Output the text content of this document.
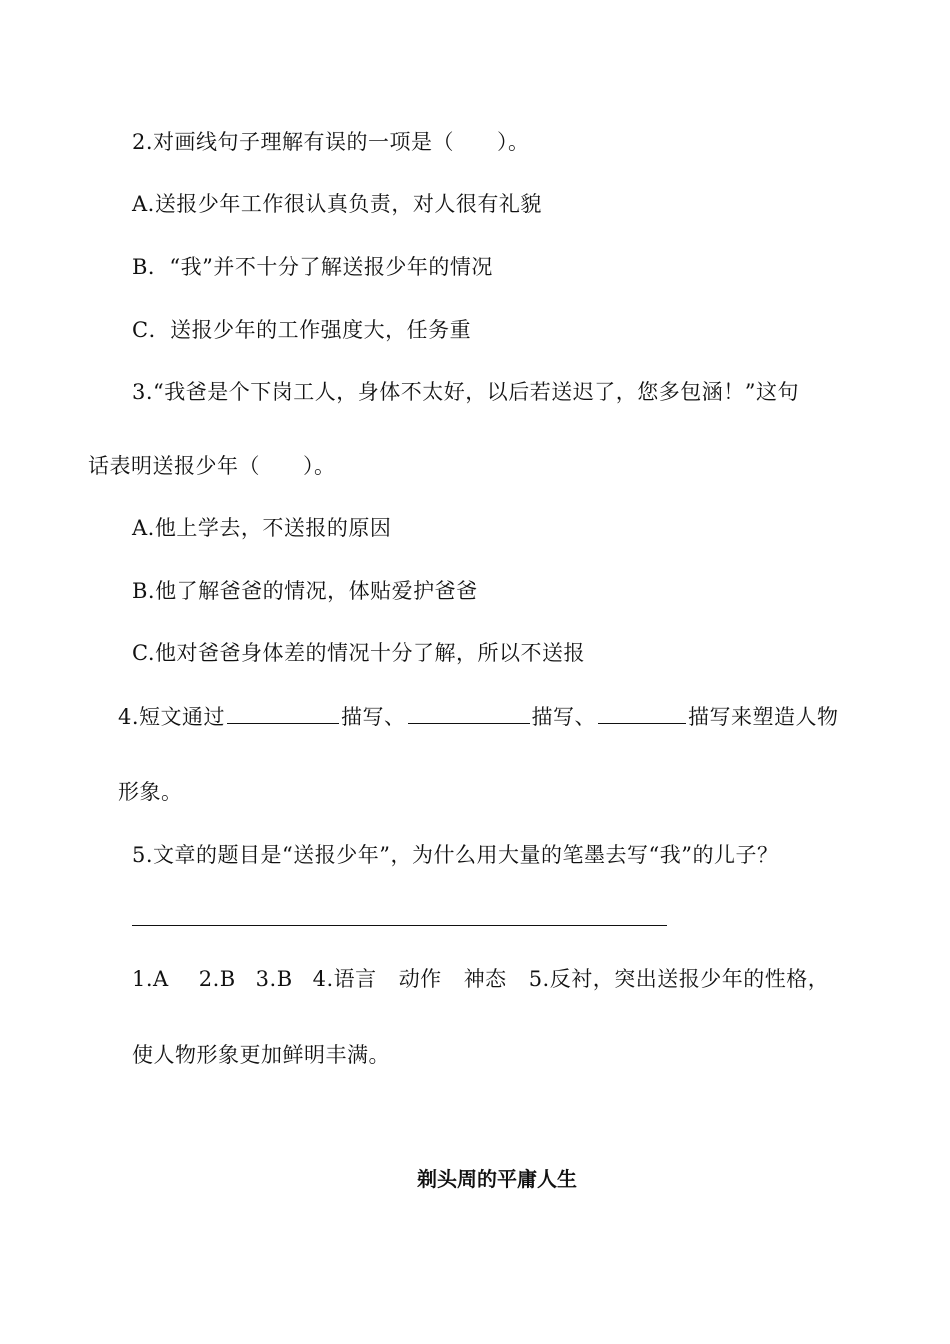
2.对画线句子理解有误的一项是（　　）。
A.送报少年工作很认真负责，对人很有礼貌
B．“我”并不十分了解送报少年的情况
C．送报少年的工作强度大，任务重
3.“我爸是个下岗工人，身体不太好，以后若送迟了，您多包涵！”这句
话表明送报少年（　　）。
A.他上学去，不送报的原因
B.他了解爸爸的情况，体贴爱护爸爸
C.他对爸爸身体差的情况十分了解，所以不送报
4.短文通过	描写、	描写、	描写来塑造人物
形象。
5.文章的题目是“送报少年”，为什么用大量的笔墨去写“我”的儿子？
1.A 2.B 3.B 4.语言 动作 神态 5.反衬，突出送报少年的性格，
使人物形象更加鲜明丰满。
剃头周的平庸人生
